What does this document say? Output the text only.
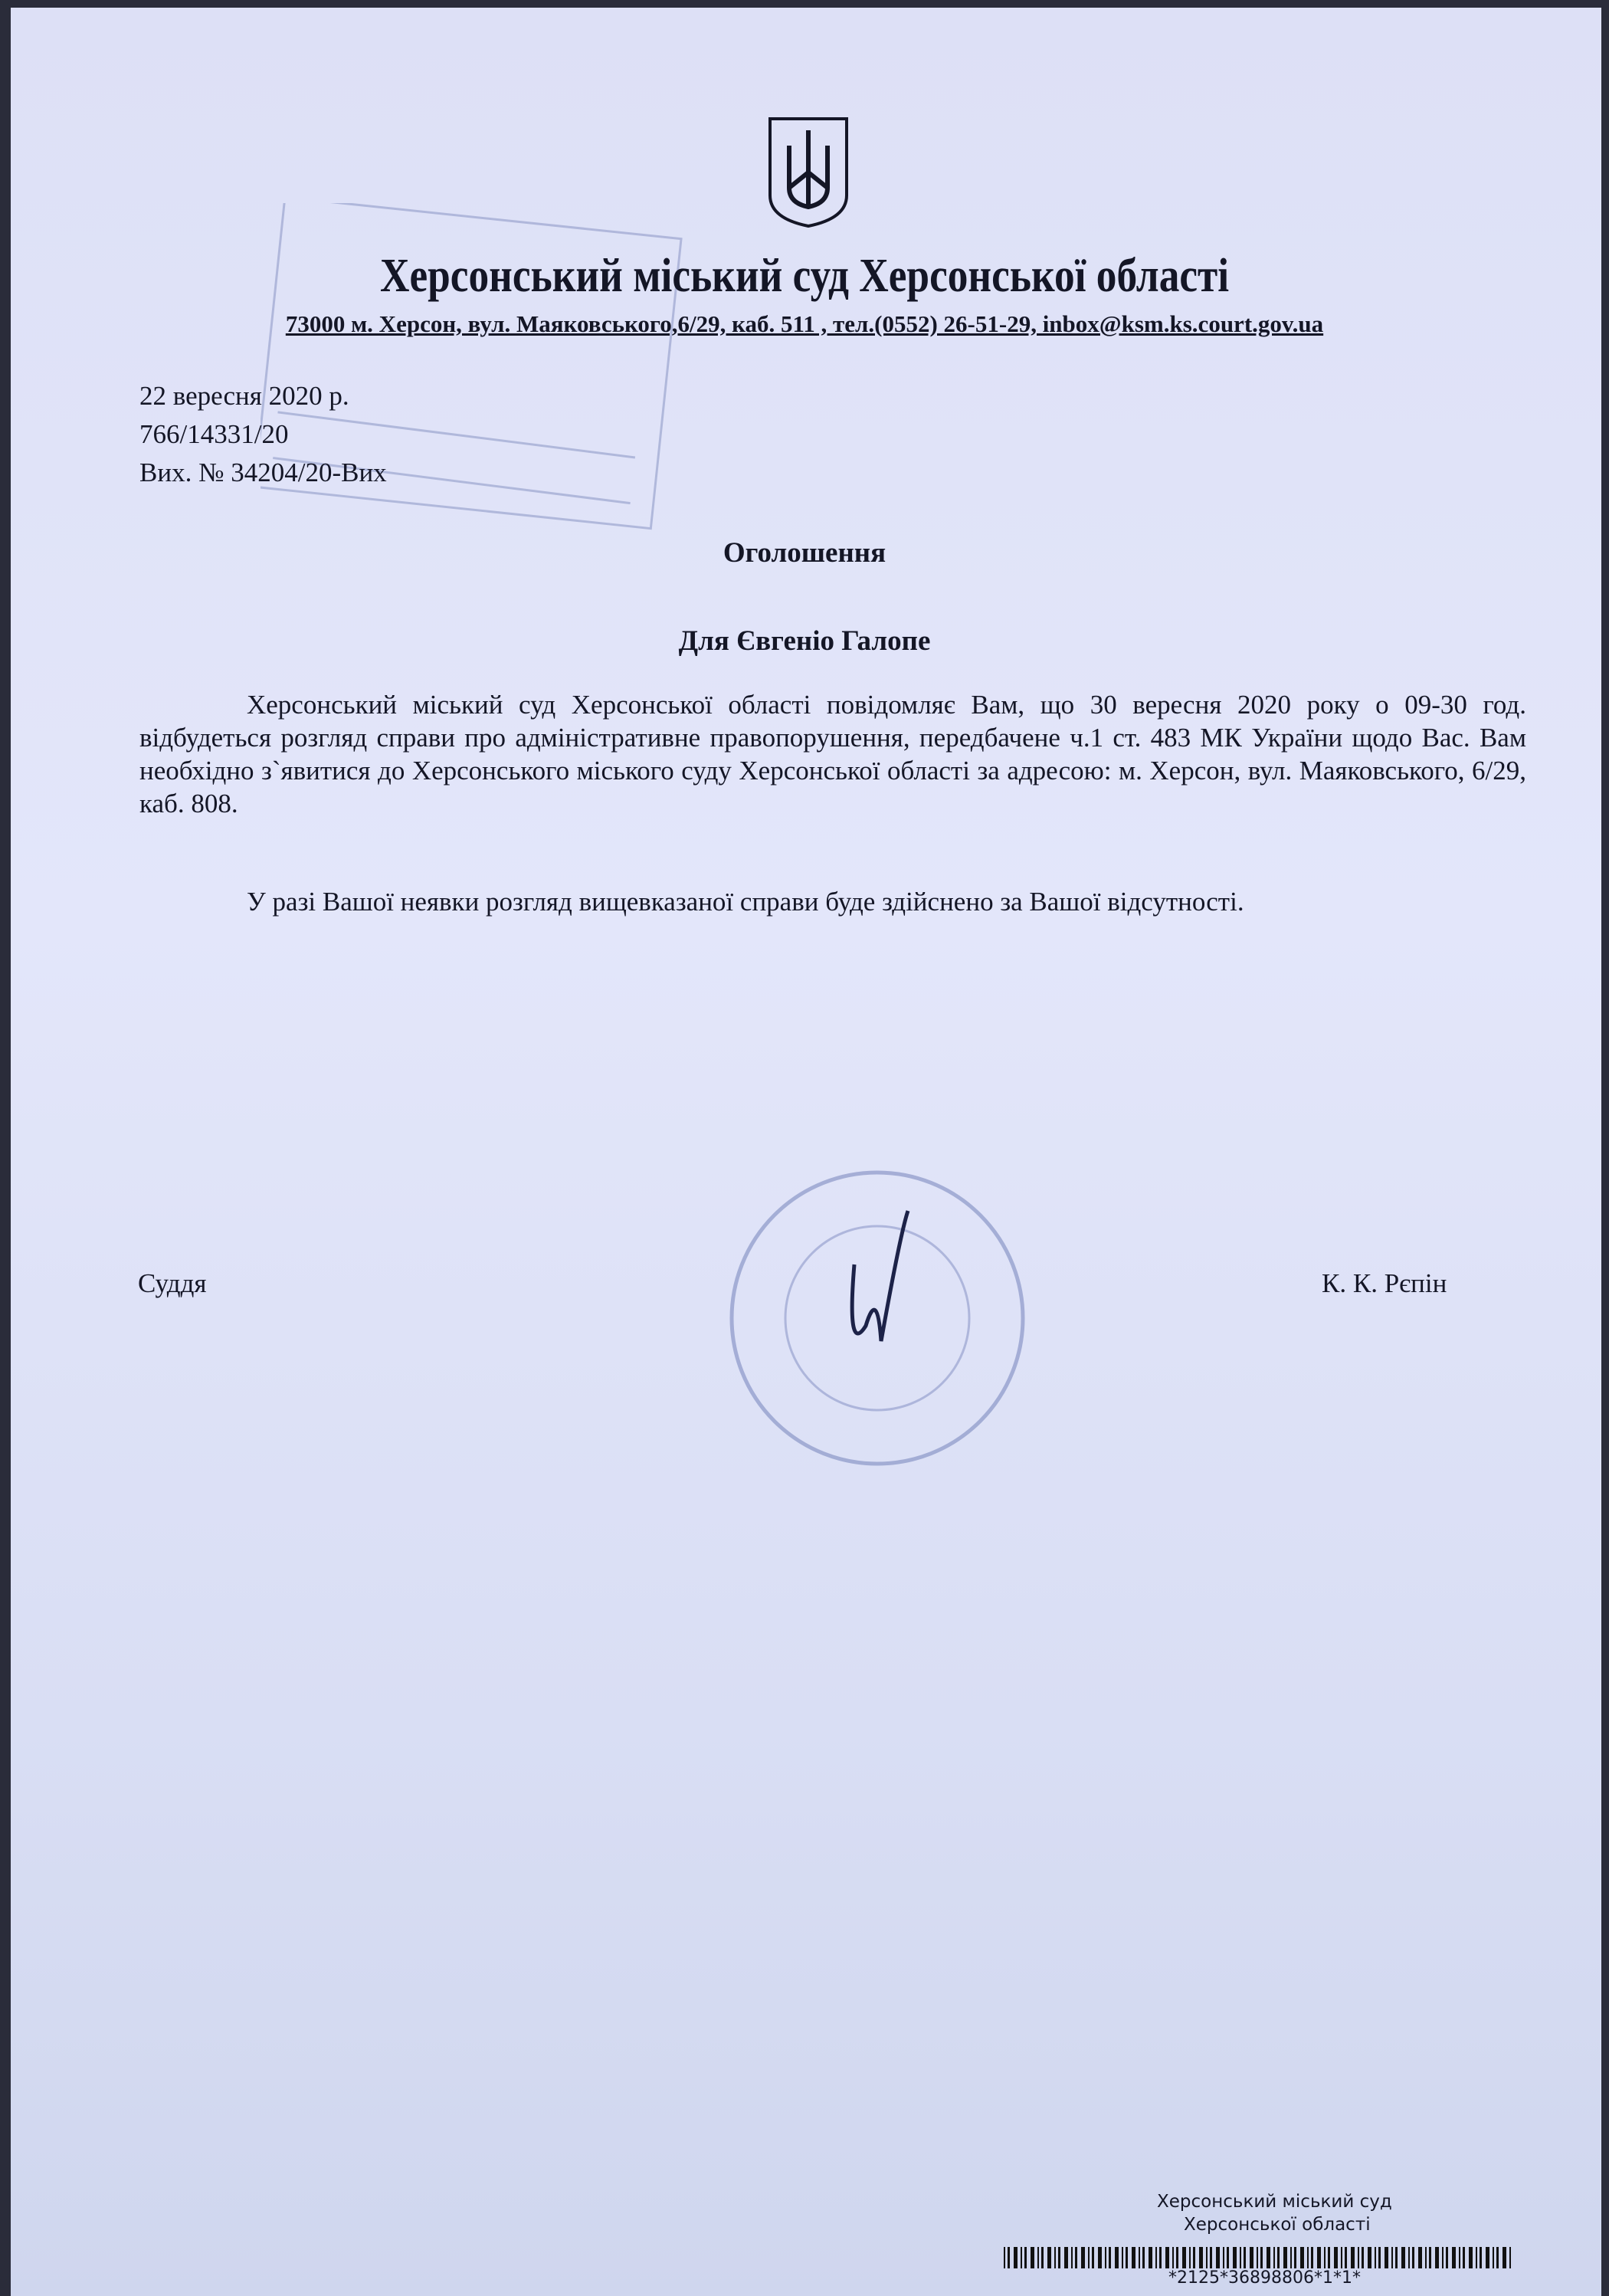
Херсонський міський суд Херсонської області
73000 м. Херсон, вул. Маяковського,6/29, каб. 511 , тел.(0552) 26-51-29, inbox@ksm.ks.court.gov.ua
22 вересня 2020 р.
766/14331/20
Вих. № 34204/20-Вих
Оголошення
Для Євгеніо Галопе
Херсонський міський суд Херсонської області повідомляє Вам, що 30 вересня 2020 року о 09-30 год. відбудеться розгляд справи про адміністративне правопорушення, передбачене ч.1 ст. 483 МК України щодо Вас. Вам необхідно з`явитися до Херсонського міського суду Херсонської області за адресою: м. Херсон, вул. Маяковського, 6/29, каб. 808.
У разі Вашої неявки розгляд вищевказаної справи буде здійснено за Вашої відсутності.
Суддя	К. К. Рєпін
Херсонський міський суд
Херсонської області
*2125*36898806*1*1*
